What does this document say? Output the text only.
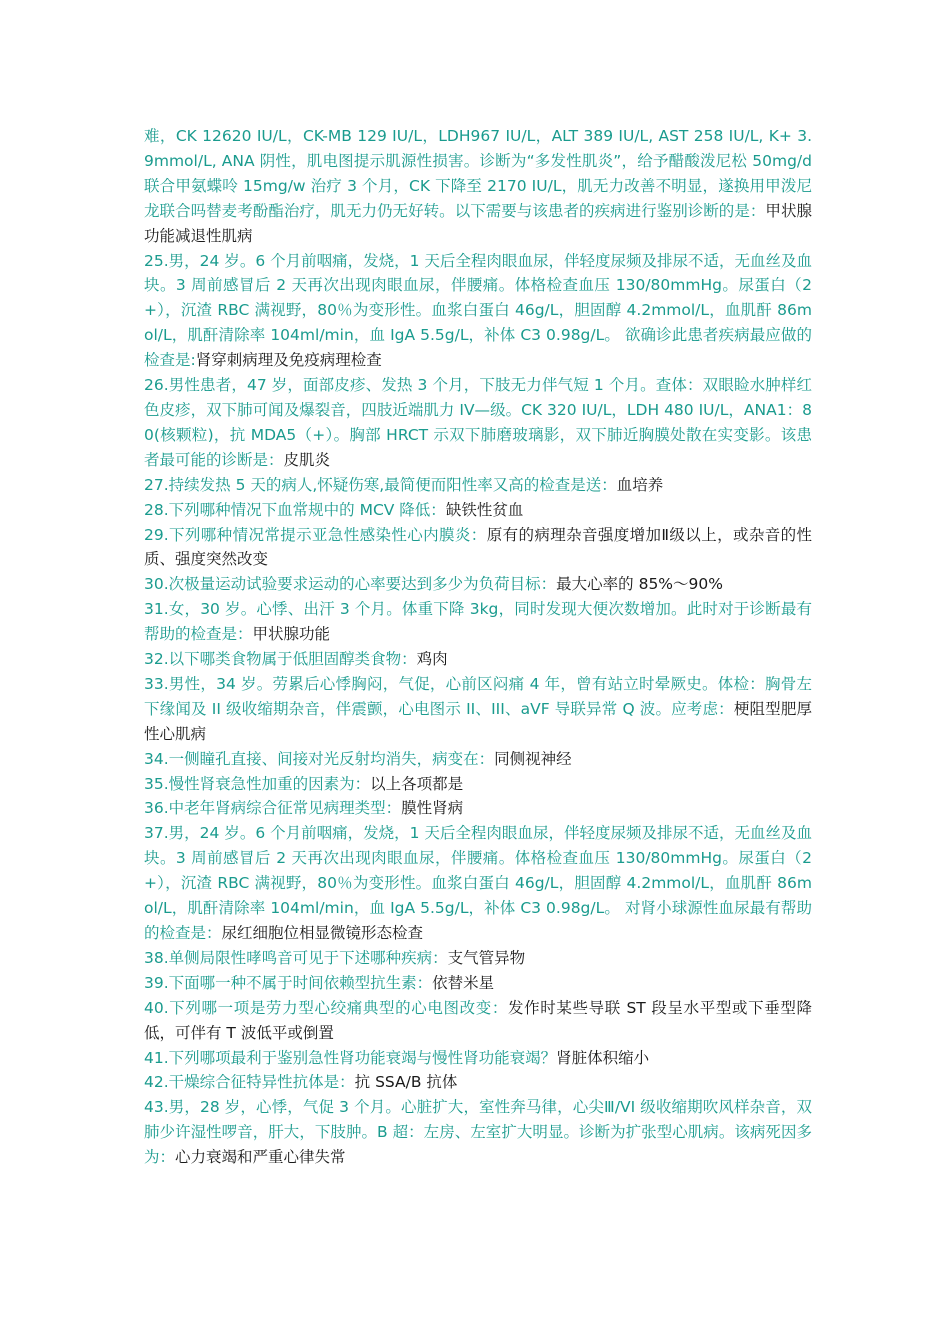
难，CK 12620 IU/L，CK-MB 129 IU/L，LDH967 IU/L，ALT 389 IU/L, AST 258 IU/L, K+ 3.9mmol/L, ANA 阴性，肌电图提示肌源性损害。诊断为“多发性肌炎”，给予醋酸泼尼松 50mg/d 联合甲氨蝶呤 15mg/w 治疗 3 个月，CK 下降至 2170 IU/L，肌无力改善不明显，遂换用甲泼尼龙联合吗替麦考酚酯治疗，肌无力仍无好转。以下需要与该患者的疾病进行鉴别诊断的是：甲状腺功能减退性肌病

25.男，24 岁。6 个月前咽痛，发烧，1 天后全程肉眼血尿，伴轻度尿频及排尿不适，无血丝及血块。3 周前感冒后 2 天再次出现肉眼血尿，伴腰痛。体格检查血压 130/80mmHg。尿蛋白（2+），沉渣 RBC 满视野，80％为变形性。血浆白蛋白 46g/L，胆固醇 4.2mmol/L，血肌酐 86mol/L，肌酐清除率 104ml/min，血 IgA 5.5g/L，补体 C3 0.98g/L。 欲确诊此患者疾病最应做的检查是:肾穿刺病理及免疫病理检查

26.男性患者，47 岁，面部皮疹、发热 3 个月，下肢无力伴气短 1 个月。查体：双眼睑水肿样红色皮疹，双下肺可闻及爆裂音，四肢近端肌力 IV—级。CK 320 IU/L，LDH 480 IU/L，ANA1：80(核颗粒)，抗 MDA5（+）。胸部 HRCT 示双下肺磨玻璃影，双下肺近胸膜处散在实变影。该患者最可能的诊断是：皮肌炎

27.持续发热 5 天的病人,怀疑伤寒,最简便而阳性率又高的检查是送：血培养

28.下列哪种情况下血常规中的 MCV 降低：缺铁性贫血

29.下列哪种情况常提示亚急性感染性心内膜炎：原有的病理杂音强度增加Ⅱ级以上，或杂音的性质、强度突然改变

30.次极量运动试验要求运动的心率要达到多少为负荷目标：最大心率的 85%～90%

31.女，30 岁。心悸、出汗 3 个月。体重下降 3kg，同时发现大便次数增加。此时对于诊断最有帮助的检查是：甲状腺功能

32.以下哪类食物属于低胆固醇类食物：鸡肉

33.男性，34 岁。劳累后心悸胸闷，气促，心前区闷痛 4 年，曾有站立时晕厥史。体检：胸骨左下缘闻及 II 级收缩期杂音，伴震颤，心电图示 II、III、aVF 导联异常 Q 波。应考虑：梗阻型肥厚性心肌病

34.一侧瞳孔直接、间接对光反射均消失，病变在：同侧视神经

35.慢性肾衰急性加重的因素为：以上各项都是

36.中老年肾病综合征常见病理类型：膜性肾病

37.男，24 岁。6 个月前咽痛，发烧，1 天后全程肉眼血尿，伴轻度尿频及排尿不适，无血丝及血块。3 周前感冒后 2 天再次出现肉眼血尿，伴腰痛。体格检查血压 130/80mmHg。尿蛋白（2+），沉渣 RBC 满视野，80％为变形性。血浆白蛋白 46g/L，胆固醇 4.2mmol/L，血肌酐 86mol/L，肌酐清除率 104ml/min，血 IgA 5.5g/L，补体 C3 0.98g/L。 对肾小球源性血尿最有帮助的检查是：尿红细胞位相显微镜形态检查

38.单侧局限性哮鸣音可见于下述哪种疾病：支气管异物

39.下面哪一种不属于时间依赖型抗生素：依替米星

40.下列哪一项是劳力型心绞痛典型的心电图改变：发作时某些导联 ST 段呈水平型或下垂型降低，可伴有 T 波低平或倒置

41.下列哪项最利于鉴别急性肾功能衰竭与慢性肾功能衰竭？肾脏体积缩小

42.干燥综合征特异性抗体是：抗 SSA/B 抗体

43.男，28 岁，心悸，气促 3 个月。心脏扩大，室性奔马律，心尖Ⅲ/VI 级收缩期吹风样杂音，双肺少许湿性啰音，肝大，下肢肿。B 超：左房、左室扩大明显。诊断为扩张型心肌病。该病死因多为：心力衰竭和严重心律失常
